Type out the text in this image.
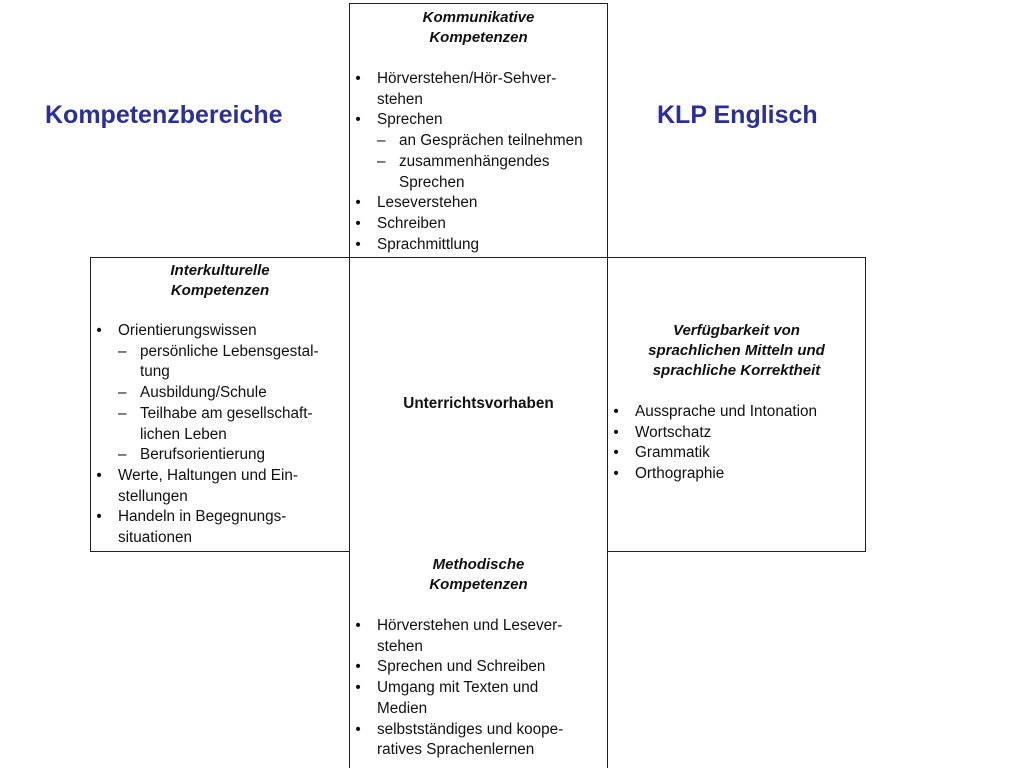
Kompetenzbereiche	KLP Englisch

Kommunikative
Kompetenzen

• Hörverstehen/Hör-Sehver-
stehen
• Sprechen
– an Gesprächen teilnehmen
– zusammenhängendes
Sprechen
• Leseverstehen
• Schreiben
• Sprachmittlung

Interkulturelle
Kompetenzen

• Orientierungswissen
– persönliche Lebensgestal-
tung
– Ausbildung/Schule
– Teilhabe am gesellschaft-
lichen Leben
– Berufsorientierung
• Werte, Haltungen und Ein-
stellungen
• Handeln in Begegnungs-
situationen
Unterrichtsvorhaben

Verfügbarkeit von
sprachlichen Mitteln und
sprachliche Korrektheit

• Aussprache und Intonation
• Wortschatz
• Grammatik
• Orthographie

Methodische
Kompetenzen

• Hörverstehen und Lesever-
stehen
• Sprechen und Schreiben
• Umgang mit Texten und
Medien
• selbstständiges und koope-
ratives Sprachenlernen
